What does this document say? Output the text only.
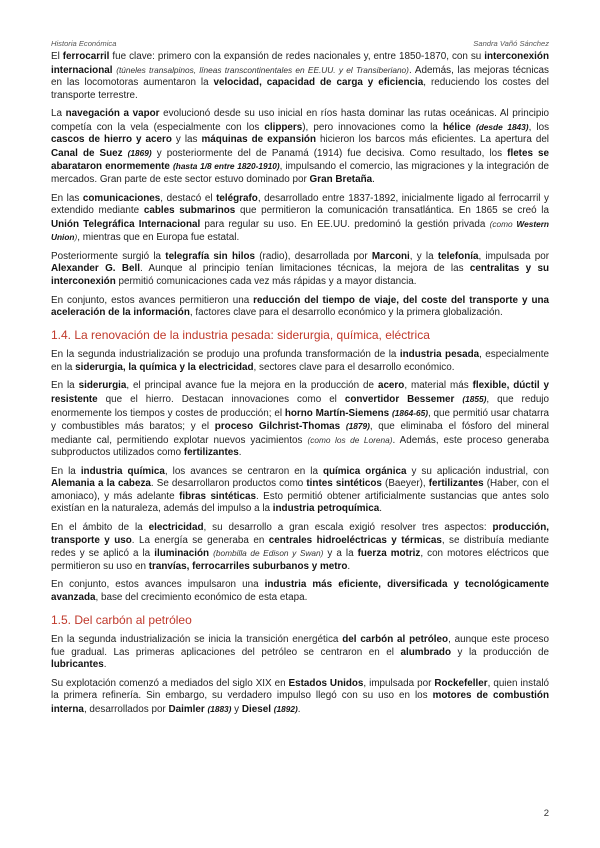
Historia Económica	Sandra Vañó Sánchez

El ferrocarril fue clave: primero con la expansión de redes nacionales y, entre 1850-1870, con su interconexión internacional (túneles transalpinos, líneas transcontinentales en EE.UU. y el Transiberiano). Además, las mejoras técnicas en las locomotoras aumentaron la velocidad, capacidad de carga y eficiencia, reduciendo los costes del transporte terrestre.

La navegación a vapor evolucionó desde su uso inicial en ríos hasta dominar las rutas oceánicas. Al principio competía con la vela (especialmente con los clippers), pero innovaciones como la hélice (desde 1843), los cascos de hierro y acero y las máquinas de expansión hicieron los barcos más eficientes. La apertura del Canal de Suez (1869) y posteriormente del de Panamá (1914) fue decisiva. Como resultado, los fletes se abarataron enormemente (hasta 1/8 entre 1820-1910), impulsando el comercio, las migraciones y la integración de mercados. Gran parte de este sector estuvo dominado por Gran Bretaña.

En las comunicaciones, destacó el telégrafo, desarrollado entre 1837-1892, inicialmente ligado al ferrocarril y extendido mediante cables submarinos que permitieron la comunicación transatlántica. En 1865 se creó la Unión Telegráfica Internacional para regular su uso. En EE.UU. predominó la gestión privada (como Western Union), mientras que en Europa fue estatal.

Posteriormente surgió la telegrafía sin hilos (radio), desarrollada por Marconi, y la telefonía, impulsada por Alexander G. Bell. Aunque al principio tenían limitaciones técnicas, la mejora de las centralitas y su interconexión permitió comunicaciones cada vez más rápidas y a mayor distancia.

En conjunto, estos avances permitieron una reducción del tiempo de viaje, del coste del transporte y una aceleración de la información, factores clave para el desarrollo económico y la primera globalización.

1.4. La renovación de la industria pesada: siderurgia, química, eléctrica

En la segunda industrialización se produjo una profunda transformación de la industria pesada, especialmente en la siderurgia, la química y la electricidad, sectores clave para el desarrollo económico.

En la siderurgia, el principal avance fue la mejora en la producción de acero, material más flexible, dúctil y resistente que el hierro. Destacan innovaciones como el convertidor Bessemer (1855), que redujo enormemente los tiempos y costes de producción; el horno Martín-Siemens (1864-65), que permitió usar chatarra y combustibles más baratos; y el proceso Gilchrist-Thomas (1879), que eliminaba el fósforo del mineral mediante cal, permitiendo explotar nuevos yacimientos (como los de Lorena). Además, este proceso generaba subproductos utilizados como fertilizantes.

En la industria química, los avances se centraron en la química orgánica y su aplicación industrial, con Alemania a la cabeza. Se desarrollaron productos como tintes sintéticos (Baeyer), fertilizantes (Haber, con el amoniaco), y más adelante fibras sintéticas. Esto permitió obtener artificialmente sustancias que antes solo existían en la naturaleza, además del impulso a la industria petroquímica.

En el ámbito de la electricidad, su desarrollo a gran escala exigió resolver tres aspectos: producción, transporte y uso. La energía se generaba en centrales hidroeléctricas y térmicas, se distribuía mediante redes y se aplicó a la iluminación (bombilla de Edison y Swan) y a la fuerza motriz, con motores eléctricos que permitieron su uso en tranvías, ferrocarriles suburbanos y metro.

En conjunto, estos avances impulsaron una industria más eficiente, diversificada y tecnológicamente avanzada, base del crecimiento económico de esta etapa.

1.5. Del carbón al petróleo

En la segunda industrialización se inicia la transición energética del carbón al petróleo, aunque este proceso fue gradual. Las primeras aplicaciones del petróleo se centraron en el alumbrado y la producción de lubricantes.

Su explotación comenzó a mediados del siglo XIX en Estados Unidos, impulsada por Rockefeller, quien instaló la primera refinería. Sin embargo, su verdadero impulso llegó con su uso en los motores de combustión interna, desarrollados por Daimler (1883) y Diesel (1892).

2
